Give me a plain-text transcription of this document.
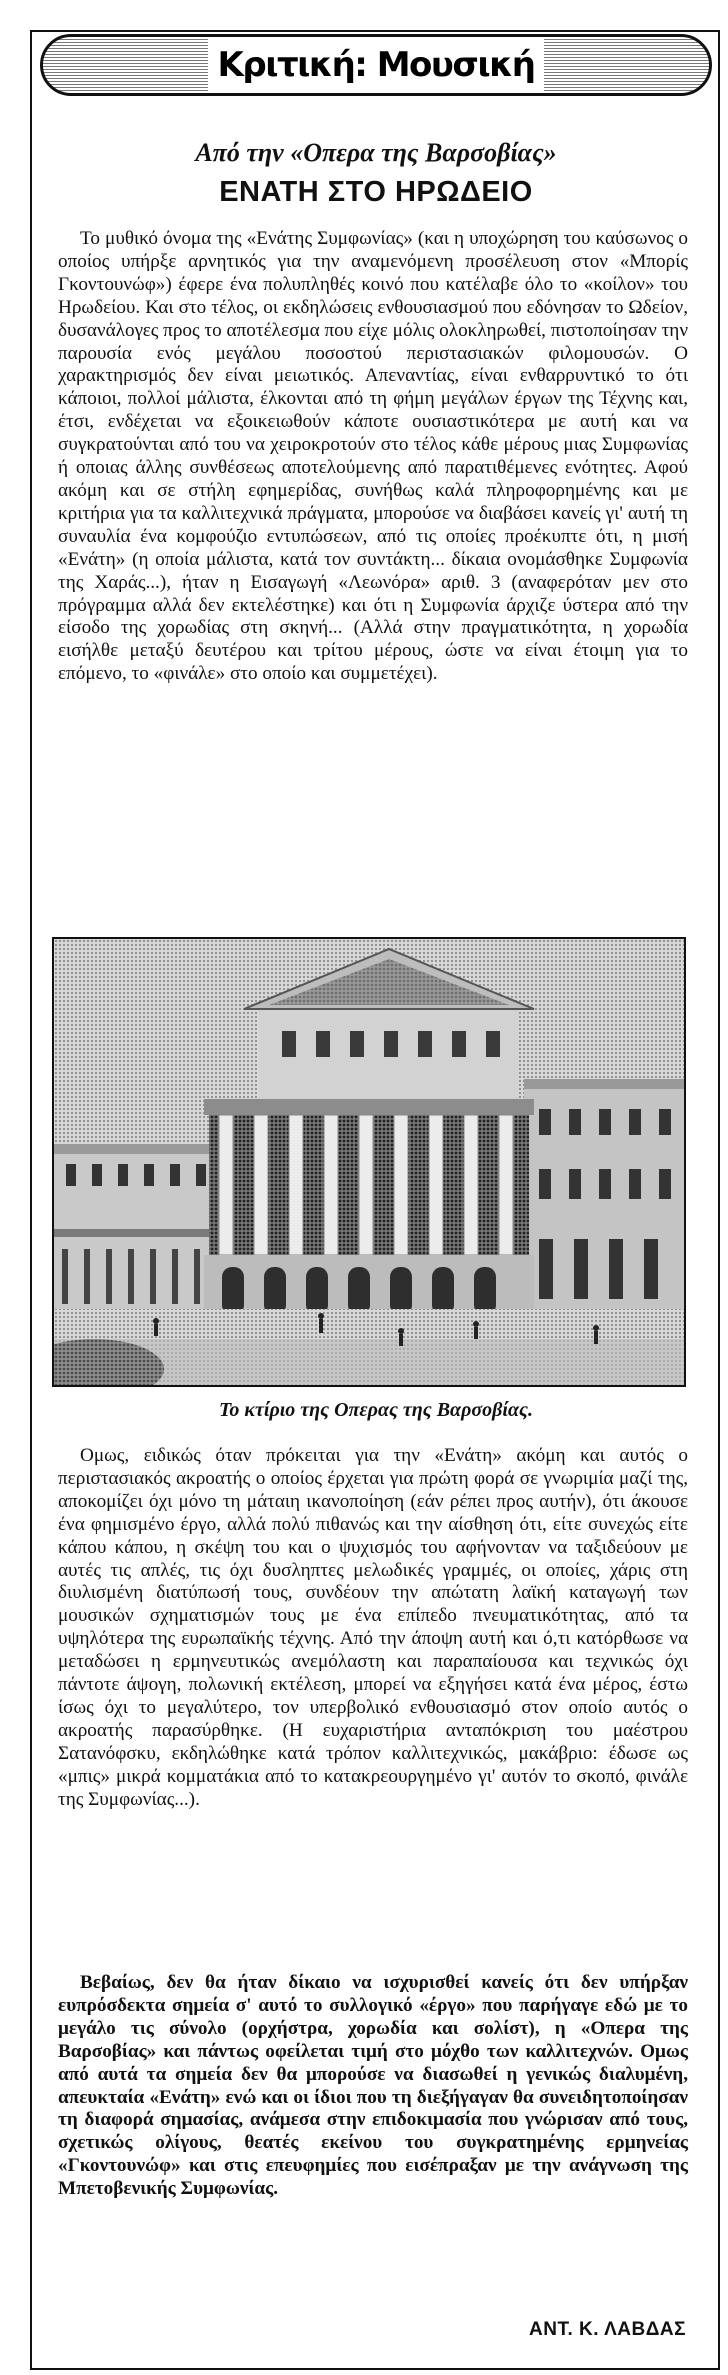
Κριτική: Μουσική
Από την «Οπερα της Βαρσοβίας»
ΕΝΑΤΗ ΣΤΟ ΗΡΩΔΕΙΟ

Το μυθικό όνομα της «Ενάτης Συμφωνίας» (και η υποχώρηση του καύσωνος ο οποίος υπήρξε αρνητικός για την αναμενόμενη προσέλευση στον «Μπορίς Γκοντουνώφ») έφερε ένα πολυπληθές κοινό που κατέλαβε όλο το «κοίλον» του Ηρωδείου. Και στο τέλος, οι εκδηλώσεις ενθουσιασμού που εδόνησαν το Ωδείον, δυσανάλογες προς το αποτέλεσμα που είχε μόλις ολοκληρωθεί, πιστοποίησαν την παρουσία ενός μεγάλου ποσοστού περιστασιακών φιλομουσών. Ο χαρακτηρισμός δεν είναι μειωτικός. Απεναντίας, είναι ενθαρρυντικό το ότι κάποιοι, πολλοί μάλιστα, έλκονται από τη φήμη μεγάλων έργων της Τέχνης και, έτσι, ενδέχεται να εξοικειωθούν κάποτε ουσιαστικότερα με αυτή και να συγκρατούνται από του να χειροκροτούν στο τέλος κάθε μέρους μιας Συμφωνίας ή οποιας άλλης συνθέσεως αποτελούμενης από παρατιθέμενες ενότητες. Αφού ακόμη και σε στήλη εφημερίδας, συνήθως καλά πληροφορημένης και με κριτήρια για τα καλλιτεχνικά πράγματα, μπορούσε να διαβάσει κανείς γι' αυτή τη συναυλία ένα κομφούζιο εντυπώσεων, από τις οποίες προέκυπτε ότι, η μισή «Ενάτη» (η οποία μάλιστα, κατά τον συντάκτη... δίκαια ονομάσθηκε Συμφωνία της Χαράς...), ήταν η Εισαγωγή «Λεωνόρα» αριθ. 3 (αναφερόταν μεν στο πρόγραμμα αλλά δεν εκτελέστηκε) και ότι η Συμφωνία άρχιζε ύστερα από την είσοδο της χορωδίας στη σκηνή... (Αλλά στην πραγματικότητα, η χορωδία εισήλθε μεταξύ δευτέρου και τρίτου μέρους, ώστε να είναι έτοιμη για το επόμενο, το «φινάλε» στο οποίο και συμμετέχει).

Το κτίριο της Οπερας της Βαρσοβίας.

Ομως, ειδικώς όταν πρόκειται για την «Ενάτη» ακόμη και αυτός ο περιστασιακός ακροατής ο οποίος έρχεται για πρώτη φορά σε γνωριμία μαζί της, αποκομίζει όχι μόνο τη μάταιη ικανοποίηση (εάν ρέπει προς αυτήν), ότι άκουσε ένα φημισμένο έργο, αλλά πολύ πιθανώς και την αίσθηση ότι, είτε συνεχώς είτε κάπου κάπου, η σκέψη του και ο ψυχισμός του αφήνονταν να ταξιδεύουν με αυτές τις απλές, τις όχι δυσληπτες μελωδικές γραμμές, οι οποίες, χάρις στη διυλισμένη διατύπωσή τους, συνδέουν την απώτατη λαϊκή καταγωγή των μουσικών σχηματισμών τους με ένα επίπεδο πνευματικότητας, από τα υψηλότερα της ευρωπαϊκής τέχνης. Από την άποψη αυτή και ό,τι κατόρθωσε να μεταδώσει η ερμηνευτικώς ανεμόλαστη και παραπαίουσα και τεχνικώς όχι πάντοτε άψογη, πολωνική εκτέλεση, μπορεί να εξηγήσει κατά ένα μέρος, έστω ίσως όχι το μεγαλύτερο, τον υπερβολικό ενθουσιασμό στον οποίο αυτός ο ακροατής παρασύρθηκε. (Η ευχαριστήρια ανταπόκριση του μαέστρου Σατανόφσκυ, εκδηλώθηκε κατά τρόπον καλλιτεχνικώς, μακάβριο: έδωσε ως «μπις» μικρά κομματάκια από το κατακρεουργημένο γι' αυτόν το σκοπό, φινάλε της Συμφωνίας...).

Βεβαίως, δεν θα ήταν δίκαιο να ισχυρισθεί κανείς ότι δεν υπήρξαν ευπρόσδεκτα σημεία σ' αυτό το συλλογικό «έργο» που παρήγαγε εδώ με το μεγάλο τις σύνολο (ορχήστρα, χορωδία και σολίστ), η «Οπερα της Βαρσοβίας» και πάντως οφείλεται τιμή στο μόχθο των καλλιτεχνών. Ομως από αυτά τα σημεία δεν θα μπορούσε να διασωθεί η γενικώς διαλυμένη, απευκταία «Ενάτη» ενώ και οι ίδιοι που τη διεξήγαγαν θα συνειδητοποίησαν τη διαφορά σημασίας, ανάμεσα στην επιδοκιμασία που γνώρισαν από τους, σχετικώς ολίγους, θεατές εκείνου του συγκρατημένης ερμηνείας «Γκοντουνώφ» και στις επευφημίες που εισέπραξαν με την ανάγνωση της Μπετοβενικής Συμφωνίας.

ΑΝΤ. Κ. ΛΑΒΔΑΣ
